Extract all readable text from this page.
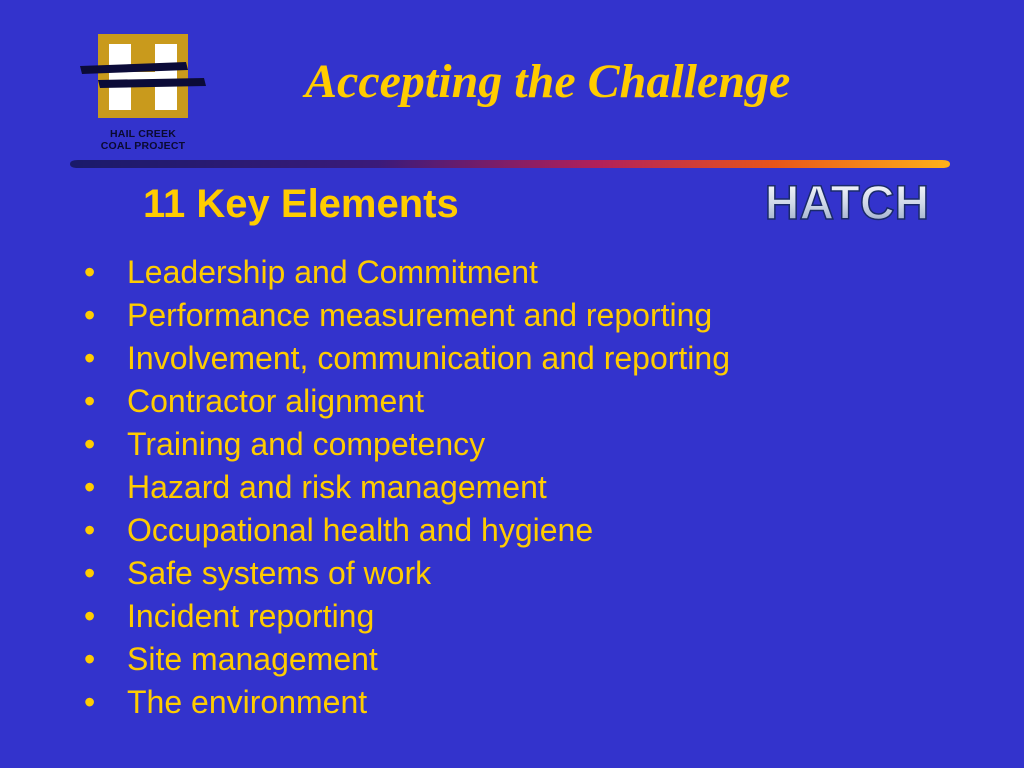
HAIL CREEK
COAL PROJECT
Accepting the Challenge
11 Key Elements	HATCH
• Leadership and Commitment
• Performance measurement and reporting
• Involvement, communication and reporting
• Contractor alignment
• Training and competency
• Hazard and risk management
• Occupational health and hygiene
• Safe systems of work
• Incident reporting
• Site management
• The environment
